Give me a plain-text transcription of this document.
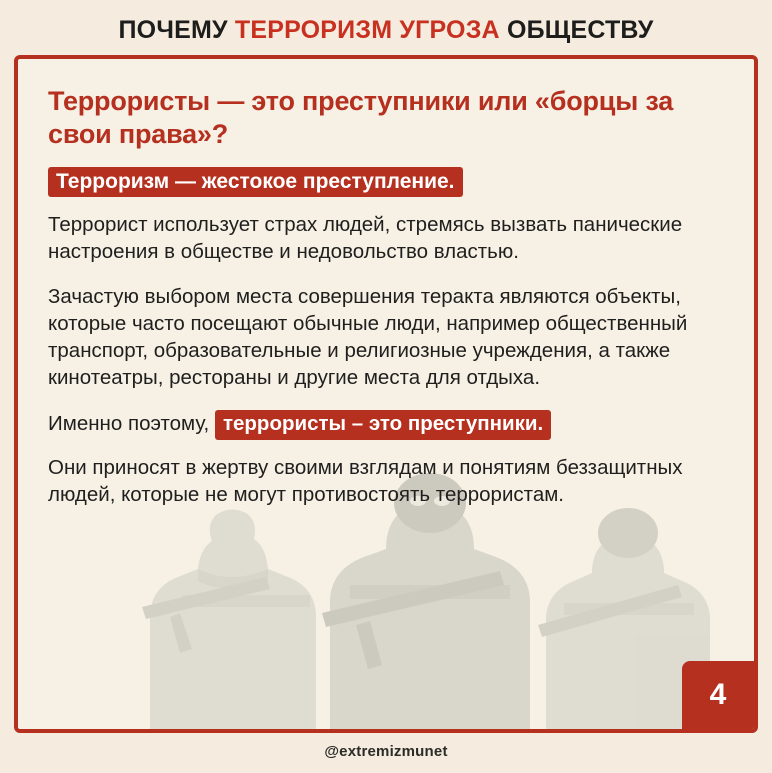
ПОЧЕМУ ТЕРРОРИЗМ УГРОЗА ОБЩЕСТВУ
Террористы — это преступники или «борцы за свои права»?
Терроризм — жестокое преступление.

Террорист использует страх людей, стремясь вызвать панические настроения в обществе и недовольство властью.

Зачастую выбором места совершения теракта являются объекты, которые часто посещают обычные люди, например общественный транспорт, образовательные и религиозные учреждения, а также кинотеатры, рестораны и другие места для отдыха.

Именно поэтому, террористы – это преступники.

Они приносят в жертву своими взглядам и понятиям беззащитных людей, которые не могут противостоять террористам.

4
@extremizmunet
